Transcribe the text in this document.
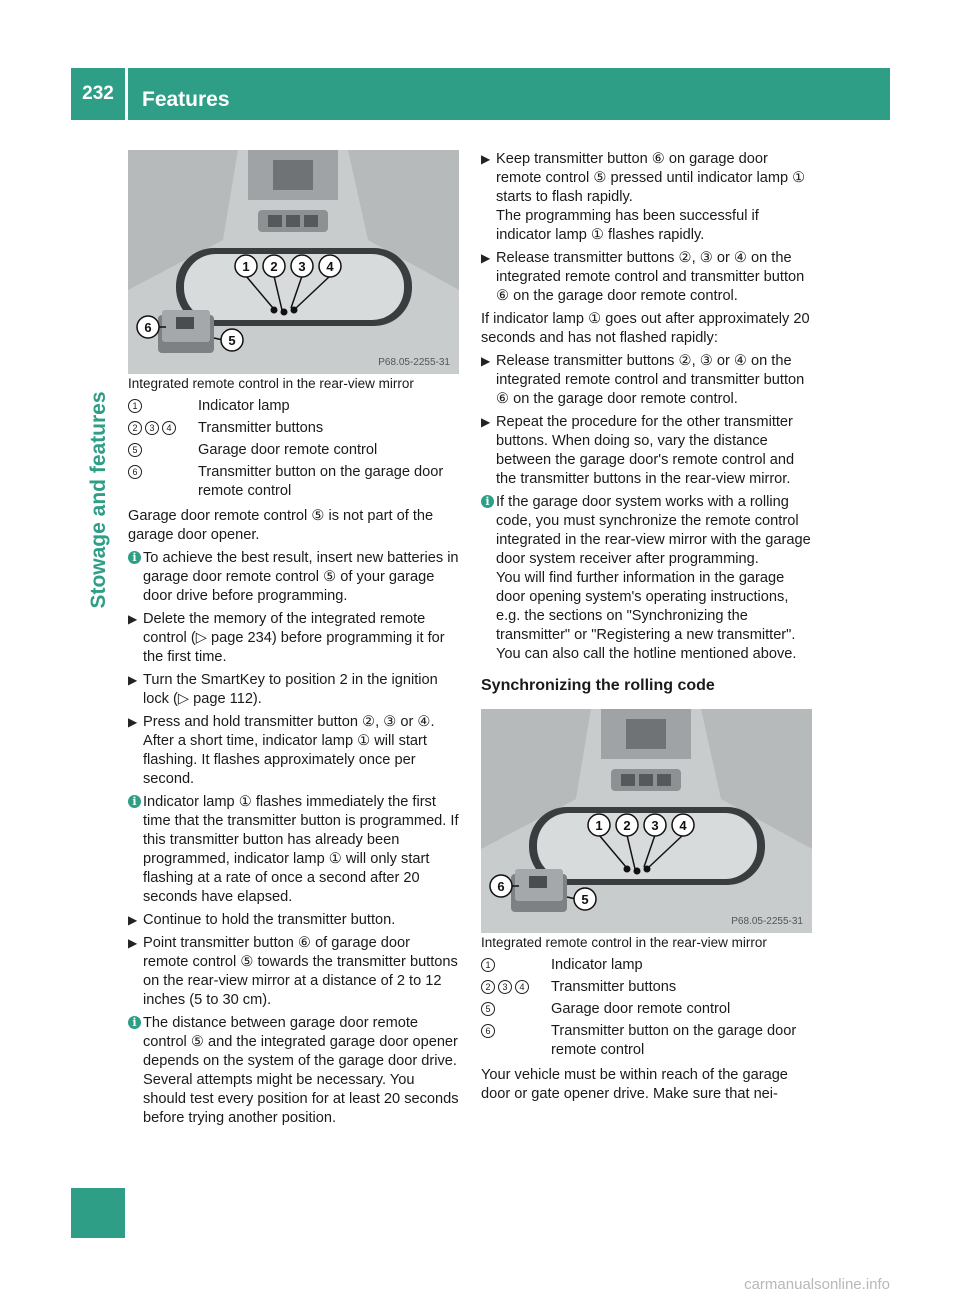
232	Features
Stowage and features
1 2 3 4
5
6
P68.05-2255-31

Integrated remote control in the rear-view mirror

1	Indicator lamp
2 3 4	Transmitter buttons
5	Garage door remote control
6	Transmitter button on the garage door remote control

Garage door remote control ⑤ is not part of the garage door opener.

i To achieve the best result, insert new batteries in garage door remote control ⑤ of your garage door drive before programming.
▶ Delete the memory of the integrated remote control (▷ page 234) before programming it for the first time.
▶ Turn the SmartKey to position 2 in the ignition lock (▷ page 112).
▶ Press and hold transmitter button ②, ③ or ④.
After a short time, indicator lamp ① will start flashing. It flashes approximately once per second.
i Indicator lamp ① flashes immediately the first time that the transmitter button is programmed. If this transmitter button has already been programmed, indicator lamp ① will only start flashing at a rate of once a second after 20 seconds have elapsed.
▶ Continue to hold the transmitter button.
▶ Point transmitter button ⑥ of garage door remote control ⑤ towards the transmitter buttons on the rear-view mirror at a distance of 2 to 12 inches (5 to 30 cm).
i The distance between garage door remote control ⑤ and the integrated garage door opener depends on the system of the garage door drive. Several attempts might be necessary. You should test every position for at least 20 seconds before trying another position.
▶ Keep transmitter button ⑥ on garage door remote control ⑤ pressed until indicator lamp ① starts to flash rapidly.
The programming has been successful if indicator lamp ① flashes rapidly.
▶ Release transmitter buttons ②, ③ or ④ on the integrated remote control and transmitter button ⑥ on the garage door remote control.

If indicator lamp ① goes out after approximately 20 seconds and has not flashed rapidly:

▶ Release transmitter buttons ②, ③ or ④ on the integrated remote control and transmitter button ⑥ on the garage door remote control.
▶ Repeat the procedure for the other transmitter buttons. When doing so, vary the distance between the garage door's remote control and the transmitter buttons in the rear-view mirror.
i If the garage door system works with a rolling code, you must synchronize the remote control integrated in the rear-view mirror with the garage door system receiver after programming.
You will find further information in the garage door opening system's operating instructions, e.g. the sections on "Synchronizing the transmitter" or "Registering a new transmitter". You can also call the hotline mentioned above.
Synchronizing the rolling code
1 2 3 4
5
6
P68.05-2255-31

Integrated remote control in the rear-view mirror

1	Indicator lamp
2 3 4	Transmitter buttons
5	Garage door remote control
6	Transmitter button on the garage door remote control

Your vehicle must be within reach of the garage door or gate opener drive. Make sure that nei-

carmanualsonline.info
